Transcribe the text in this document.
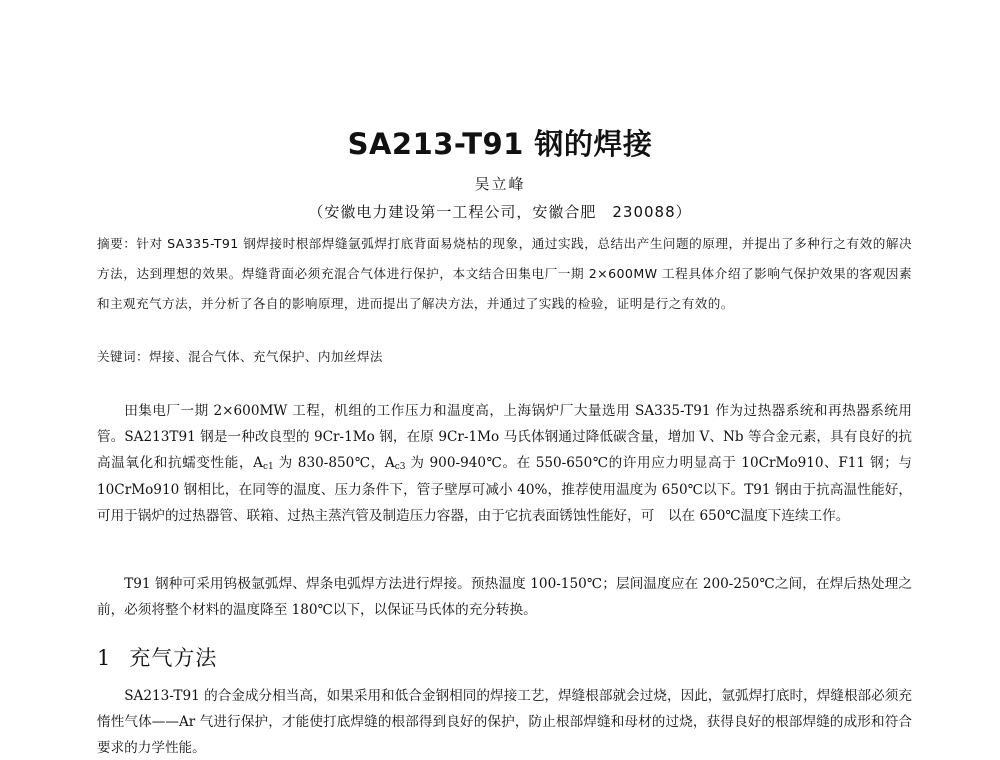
SA213-T91 钢的焊接
吴立峰
（安徽电力建设第一工程公司，安徽合肥　230088）
摘要：针对 SA335-T91 钢焊接时根部焊缝氩弧焊打底背面易烧枯的现象，通过实践，总结出产生问题的原理，并提出了多种行之有效的解决方法，达到理想的效果。焊缝背面必须充混合气体进行保护，本文结合田集电厂一期 2×600MW 工程具体介绍了影响气保护效果的客观因素和主观充气方法，并分析了各自的影响原理，进而提出了解决方法，并通过了实践的检验，证明是行之有效的。
关键词：焊接、混合气体、充气保护、内加丝焊法
田集电厂一期 2×600MW 工程，机组的工作压力和温度高，上海锅炉厂大量选用 SA335-T91 作为过热器系统和再热器系统用管。SA213T91 钢是一种改良型的 9Cr-1Mo 钢，在原 9Cr-1Mo 马氏体钢通过降低碳含量，增加 V、Nb 等合金元素，具有良好的抗高温氧化和抗蠕变性能，$A_{c1}$ 为 830-850℃，$A_{c3}$ 为 900-940℃。在 550-650℃的许用应力明显高于 10CrMo910、F11 钢；与 10CrMo910 钢相比，在同等的温度、压力条件下，管子壁厚可减小 40%，推荐使用温度为 650℃以下。T91 钢由于抗高温性能好，可用于锅炉的过热器管、联箱、过热主蒸汽管及制造压力容器，由于它抗表面锈蚀性能好，可　以在 650℃温度下连续工作。
T91 钢种可采用钨极氩弧焊、焊条电弧焊方法进行焊接。预热温度 100-150℃；层间温度应在 200-250℃之间，在焊后热处理之前，必须将整个材料的温度降至 180℃以下，以保证马氏体的充分转换。
1 充气方法
SA213-T91 的合金成分相当高，如果采用和低合金钢相同的焊接工艺，焊缝根部就会过烧，因此，氩弧焊打底时，焊缝根部必须充惰性气体——Ar 气进行保护，才能使打底焊缝的根部得到良好的保护，防止根部焊缝和母材的过烧，获得良好的根部焊缝的成形和符合要求的力学性能。
